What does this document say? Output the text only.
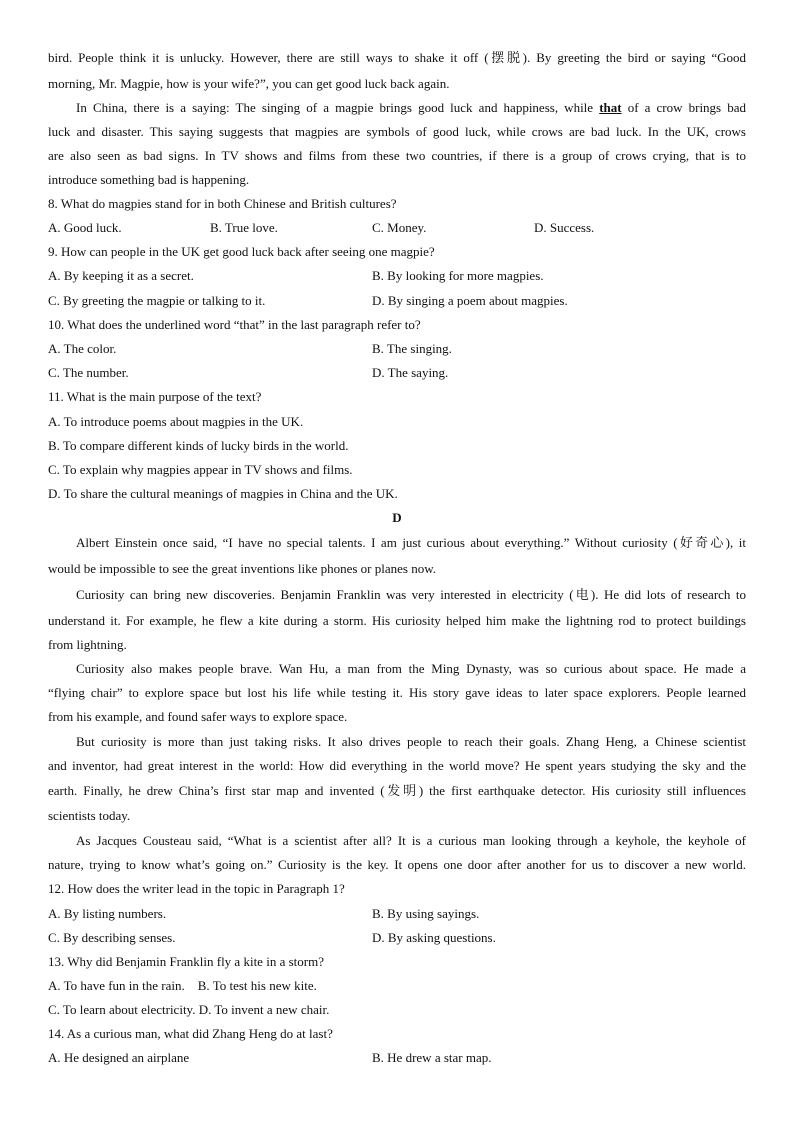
bird. People think it is unlucky. However, there are still ways to shake it off (摆脱). By greeting the bird or saying “Good
morning, Mr. Magpie, how is your wife?”, you can get good luck back again.
In China, there is a saying: The singing of a magpie brings good luck and happiness, while that of a crow brings bad
luck and disaster. This saying suggests that magpies are symbols of good luck, while crows are bad luck. In the UK, crows
are also seen as bad signs. In TV shows and films from these two countries, if there is a group of crows crying, that is to
introduce something bad is happening.
8. What do magpies stand for in both Chinese and British cultures?
A. Good luck.	B. True love.	C. Money.	D. Success.
9. How can people in the UK get good luck back after seeing one magpie?
A. By keeping it as a secret.	B. By looking for more magpies.
C. By greeting the magpie or talking to it.	D. By singing a poem about magpies.
10. What does the underlined word “that” in the last paragraph refer to?
A. The color.	B. The singing.
C. The number.	D. The saying.
11. What is the main purpose of the text?
A. To introduce poems about magpies in the UK.
B. To compare different kinds of lucky birds in the world.
C. To explain why magpies appear in TV shows and films.
D. To share the cultural meanings of magpies in China and the UK.
D
Albert Einstein once said, “I have no special talents. I am just curious about everything.” Without curiosity (好奇心), it
would be impossible to see the great inventions like phones or planes now.
Curiosity can bring new discoveries. Benjamin Franklin was very interested in electricity (电). He did lots of research to
understand it. For example, he flew a kite during a storm. His curiosity helped him make the lightning rod to protect buildings
from lightning.
Curiosity also makes people brave. Wan Hu, a man from the Ming Dynasty, was so curious about space. He made a
“flying chair” to explore space but lost his life while testing it. His story gave ideas to later space explorers. People learned
from his example, and found safer ways to explore space.
But curiosity is more than just taking risks. It also drives people to reach their goals. Zhang Heng, a Chinese scientist
and inventor, had great interest in the world: How did everything in the world move? He spent years studying the sky and the
earth. Finally, he drew China’s first star map and invented (发明) the first earthquake detector. His curiosity still influences
scientists today.
As Jacques Cousteau said, “What is a scientist after all? It is a curious man looking through a keyhole, the keyhole of
nature, trying to know what’s going on.” Curiosity is the key. It opens one door after another for us to discover a new world.
12. How does the writer lead in the topic in Paragraph 1?
A. By listing numbers.	B. By using sayings.
C. By describing senses.	D. By asking questions.
13. Why did Benjamin Franklin fly a kite in a storm?
A. To have fun in the rain.    B. To test his new kite.
C. To learn about electricity. D. To invent a new chair.
14. As a curious man, what did Zhang Heng do at last?
A. He designed an airplane	B. He drew a star map.
